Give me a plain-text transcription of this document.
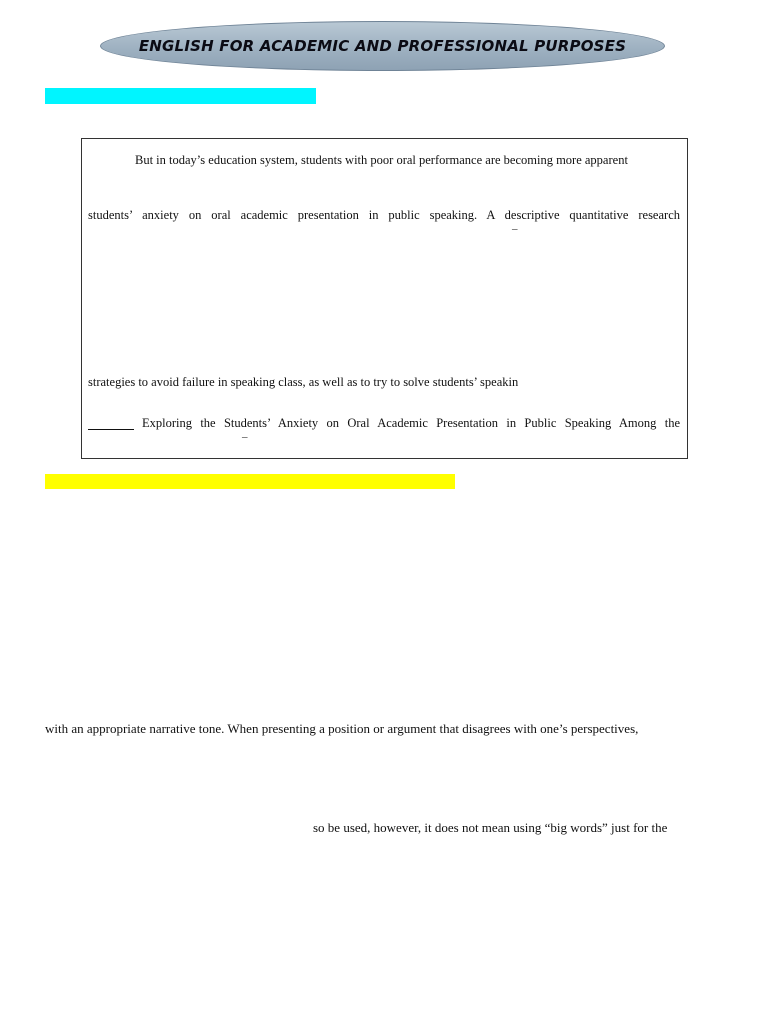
ENGLISH FOR ACADEMIC AND PROFESSIONAL PURPOSES
But in today’s education system, students with poor oral performance are becoming more apparent
students’ anxiety on oral academic presentation in public speaking. A descriptive quantitative research
–
strategies to avoid failure in speaking class, as well as to try to solve students’ speakin
Exploring the Students’ Anxiety on Oral Academic Presentation in Public Speaking Among the
–
with an appropriate narrative tone. When presenting a position or argument that disagrees with one’s perspectives,
so be used, however, it does not mean using “big words” just for the
